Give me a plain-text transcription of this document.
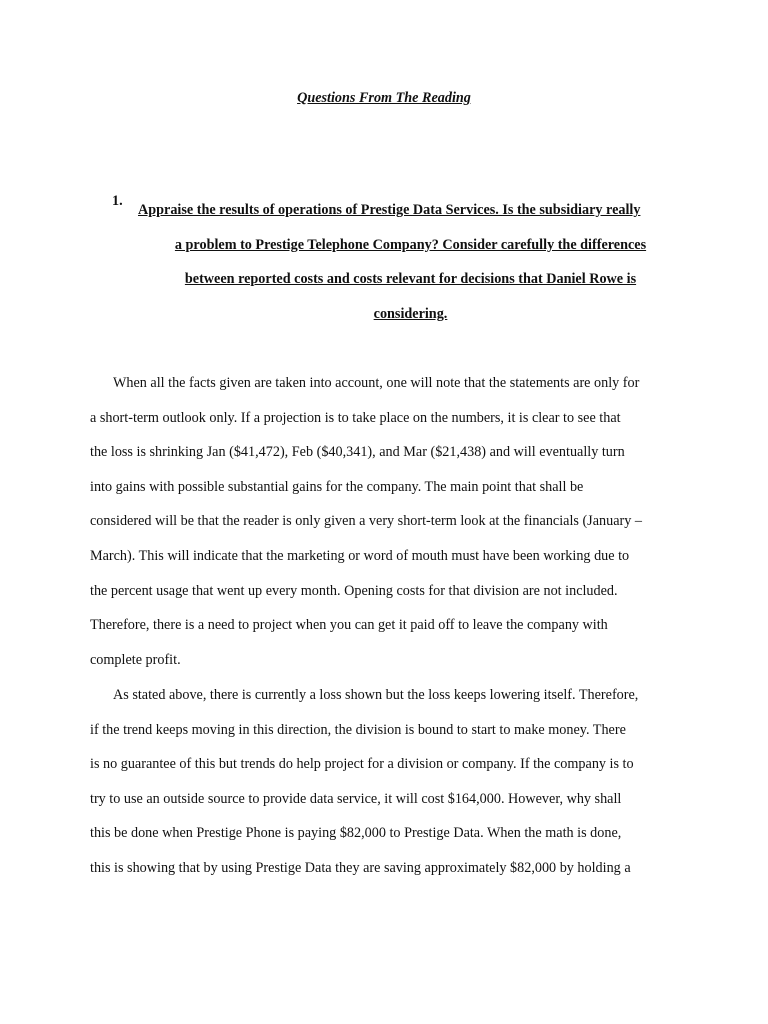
Questions From The Reading
1.
Appraise the results of operations of Prestige Data Services. Is the subsidiary really
a problem to Prestige Telephone Company? Consider carefully the differences
between reported costs and costs relevant for decisions that Daniel Rowe is
considering.
When all the facts given are taken into account, one will note that the statements are only for
a short-term outlook only. If a projection is to take place on the numbers, it is clear to see that
the loss is shrinking Jan ($41,472), Feb ($40,341), and Mar ($21,438) and will eventually turn
into gains with possible substantial gains for the company. The main point that shall be
considered will be that the reader is only given a very short-term look at the financials (January –
March). This will indicate that the marketing or word of mouth must have been working due to
the percent usage that went up every month. Opening costs for that division are not included.
Therefore, there is a need to project when you can get it paid off to leave the company with
complete profit.
As stated above, there is currently a loss shown but the loss keeps lowering itself. Therefore,
if the trend keeps moving in this direction, the division is bound to start to make money. There
is no guarantee of this but trends do help project for a division or company. If the company is to
try to use an outside source to provide data service, it will cost $164,000. However, why shall
this be done when Prestige Phone is paying $82,000 to Prestige Data. When the math is done,
this is showing that by using Prestige Data they are saving approximately $82,000 by holding a
